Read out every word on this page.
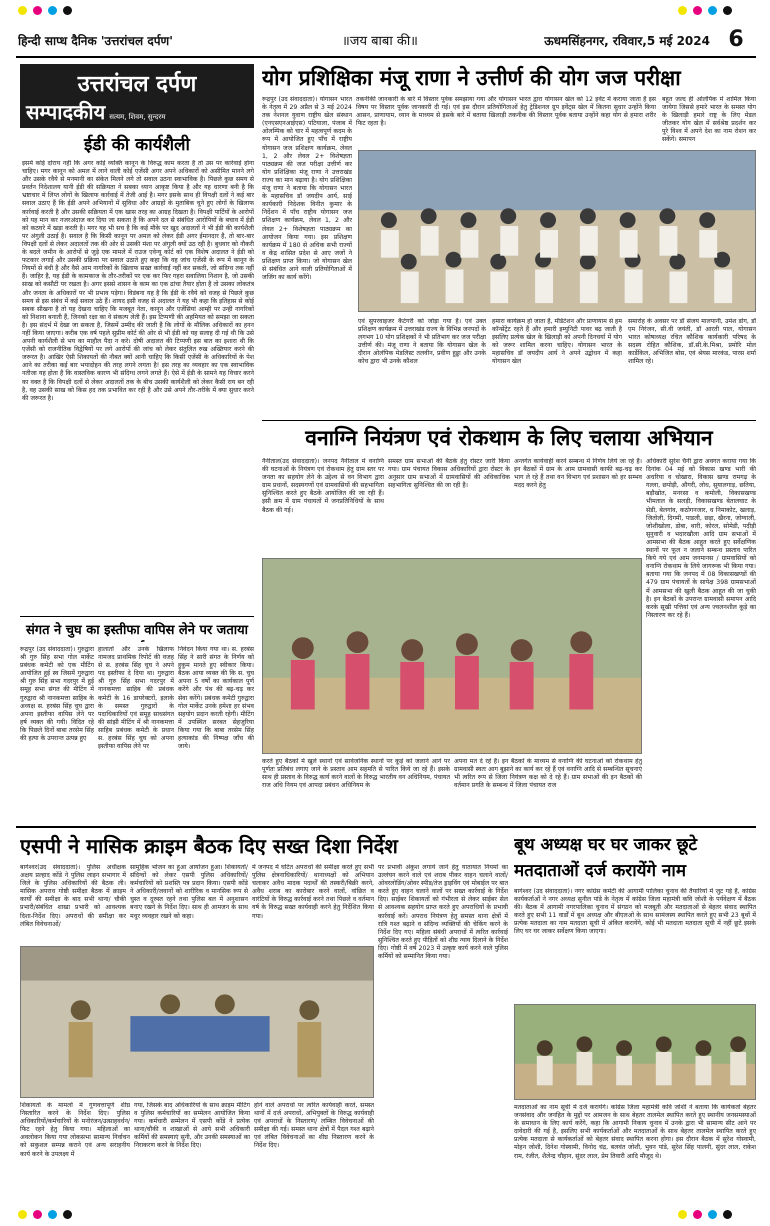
हिन्दी साप्ध दैनिक 'उत्तरांचल दर्पण'	॥जय बाबा की॥	ऊधमसिंहनगर, रविवार,5 मई 2024 6
उत्तरांचल दर्पण
सम्पादकीय सत्यम, शिवम, सुन्दरम
ईडी की कार्यशैली
इसमें कोई दोराय नहीं कि अगर कोई व्यक्ति कानून के विरुद्ध काम करता है तो उस पर कार्रवाई होना चाहिए। मगर कानून को अमल में लाने वाली कोई एजेंसी अगर अपने अधिकारों को असीमित मानने लगे और उसके रवैये से मनमानी का संकेत मिलने लगे तो सवाल उठना स्वाभाविक है। पिछले कुछ समय से प्रवर्तन निदेशालय यानी ईडी की सक्रियता ने सबका ध्यान आकृष्ट किया है और यह धारणा बनी है कि भ्रष्टाचार में लिप्त लोगों के खिलाफ कार्रवाई में तेजी आई है। मगर इसके साथ ही विपक्षी दलों ने कई बार सवाल उठाए हैं कि ईडी अपने अभियानों में सुविधा और आग्रहों के मुताबिक चुने हुए लोगों के खिलाफ कार्रवाई करती है और उसकी सक्रियता में एक खास तरह का आग्रह दिखता है। विपक्षी पार्टियों के आरोपों को यह मान कर नजरअंदाज कर दिया जा सकता है कि अपने दल से संबंधित आरोपियों के बचाव में ईडी को कठघरे में खड़ा करती है। मगर यह भी सच है कि कई मौके पर खुद अदालतों ने भी ईडी की कार्यशैली पर अंगुली उठाई है। सवाल है कि किसी कानून पर अमल को लेकर ईडी अगर ईमानदार है, तो बार-बार विपक्षी दलों से लेकर अदालतों तक की ओर से उसकी मंशा पर अंगुली क्यों उठ रही है। बुधवार को नौकरी के बदले जमीन के आरोपों से जुड़े एक मामले में राउज एवेन्यू कोर्ट को एक विशेष अदालत ने ईडी को फटकार लगाई और उसकी प्रक्रिया पर सवाल उठाते हुए कहा कि वह जांच एजेंसी के रूप में कानून के नियमों से बंधी है और वैसे आम नागरिकों के खिलाफ सख्त कार्रवाई नहीं कर सकती, जो संदिग्ध तक नहीं हैं। जाहिर है, यह ईडी के कामकाज के तौर-तरीकों पर एक कर फिर गहरा सवालिया निशान है, जो उसकी साख को कसौटी पर रखता है। अगर इससे शासन के काम का एक ढांचा तैयार होता है तो उसका लोकतंत्र और जनता के अधिकारों पर भी प्रभाव पड़ेगा। विडंबना यह है कि ईडी के रवैये को वजह से पिछले कुछ समय से इस संबंध में कई सवाल उठे हैं। शायद इसी वजह से अदालत ने यह भी कहा कि इतिहास से कोई सबक सीखना है तो यह देखना चाहिए कि मजबूत नेता, कानून और एजेंसियां आम्ही पर उन्ही नागरिकों को निशाना बनाती हैं, जिनको रक्षा का वे संकल्प लेती हैं। इस टिप्पणी की अहमियत को समझा जा सकता है। इस संदर्भ में देखा जा सकता है, जिसमें उम्मीद की जाती है कि लोगों के मौलिक अधिकारों का हनन नहीं किया जाएगा। करीब एक वर्ष पहले सुप्रीम कोर्ट की ओर से भी ईडी को यह सलाह दी गई थी कि उसे अपनी कार्यशैली से भय का माहौल पैदा न करे। दोषी अदालत की टिप्पणी इस बात का इशारा थी कि एजेंसी को राजनीतिक विद्वेषियों पर लगे आरोपों की जांच को लेकर संतुलित रुख अख्तियार करने की जरूरत है। आखिर ऐसी शिकायतों की नौबत क्यों आनी चाहिए कि किसी एजेंसी के अधिकारियों के पेश आने का तरीका कई बार भयादोहन की तरह लगने लगता है! इस तरह का व्यवहार का एक स्वाभाविक नतीजा यह होता है कि वास्तविक कारण भी संदिग्ध लगने लगते हैं। ऐसे में ईडी के सामने यह विचार करने का वक्त है कि विपक्षी दलों से लेकर अदालतों तक के बीच उसकी कार्यशैली को लेकर कैसी राय बन रही है, वह उसकी साख को किस हद तक प्रभावित कर रही है और उसे अपने तौर-तरीके में क्या सुधार करने की जरूरत है।
योग प्रशिक्षिका मंजू राणा ने उत्तीर्ण की योग जज परीक्षा
रूद्रपुर (उद संवाददाता)। योगासन भारत के नेतृत्व में 29 अप्रैल से 3 मई 2024 तक नेशनल युवाण राष्ट्रीय खेल संस्थान (एनएसएनआईएस) पटियाला, पंजाब में ओलम्पिक को चार में महत्वपूर्ण कदम के रूप में आयोजित हुए पाँच में राष्ट्रीय योगासन जज प्रशिक्षण कार्यक्रम, लेवल 1, 2 और लेवल 2+ विशेषज्ञता पाठ्यक्रम की जज परीक्षा उत्तीर्ण कर योग प्रशिक्षिका मंजू राणा ने उत्तराखंड राज्य का मान बढ़ाया है। योग प्रशिक्षिका मंजू राणा ने बताया कि योगासन भारत के महासचिव डॉ जयदीप आर्य, साई कार्यकारी निदेशक विनीत कुमार के निर्देशन में पाँच राष्ट्रीय योगासन जज प्रशिक्षण कार्यक्रम, लेवल 1, 2 और लेवल 2+ विशेषज्ञता पाठ्यक्रम का आयोजन किया गया। इस प्रशिक्षण कार्यक्रम में 180 से अधिक सभी राज्यों व केंद्र शासित प्रदेश से आए जजों ने प्रशिक्षण प्राप्त किया। जो योगासन खेल से संबंधित आने वाली प्रतियोगिताओं में जजिंग का कार्य करेंगे।
तकनीकी जानकारी के बारे में विस्तार पूर्वक समझाया गया और योगासन भारत द्वारा योगासन खेल को 12 इवेंट में कराया जाता है इस विषय पर विस्तार पूर्वक जानकारी दी गई। एवं इस दौरान प्रतियोगिताओं हेतु ट्रेडिशनल ग्रुप इवेंट्स खेल में कितना सुधार उन्होंने किया आसन, प्राणायाम, ध्यान के माध्यम से इसके बारे में बताया खिलाड़ी तकनीक की विस्तार पूर्वक बताया उन्होंने कहा योग से हमारा शरीर फिट रहता है।
बहुत जल्द ही ओलंपिक में शामिल किया जायेगा जिससे हमारे भारत के समस्त योग के खिलाड़ी हमारे राष्ट्र के लिए मेडल जीतकर योग खेल में सर्वश्रेष्ठ प्रदर्शन कर पूरे विश्व में अपने देश का नाम रोशन कर सकेंगे। समापन
एवं सुपरवाइजर कैटेगरी को जोड़ा गया है। एवं उक्त प्रशिक्षण कार्यक्रम में उत्तराखंड राज्य के विभिन्न जनपदों के लगभग 10 योग प्रशिक्षकों ने भी प्रतिभाग कर जज परीक्षा उत्तीर्ण की। मंजू राणा ने बताया कि योगासन खेल के दौरान ओलंपिक मेडलिस्ट तलवीन, प्रवीण हुड्डा और उनके कोच द्वारा भी उनके कौशल
हमारा कार्यक्रम हो जाता है, मेडिटेशन और प्राणायाम से हम कॉन्सेंट्रेट रहते हैं और हमारी इम्युनिटी पावर बढ़ जाती है इसलिए प्रत्येक खेल के खिलाड़ी को अपनी दिनचर्या में योग को जरूर शामिल करना चाहिए। योगासन भारत के महासचिव डॉ जयदीप आर्य ने अपने उद्बोधन में कहा योगासन खेल
समारोह के अवसर पर डॉ संजय मालपानी, उमेश डोंग, डॉ एम निरंजन, सी.वी जयंती, डॉ आरती पाल, योगासन भारत कोषाध्यक्ष रचित कौशिक कार्यकारी परिषद के सदस्य रोहित कौशिक, डॉ.सी.के.मिश्रा, प्रमोरि मोल कार्डेकिल, अभिजित बोस, एवं श्रेयस मारकंड, पारस शर्मा शामिल रहे।
वनाग्नि नियंत्रण एवं रोकथाम के लिए चलाया अभियान
नैनीताल(उद संवाददाता)। जनपद नैनीताल में वनाग्नि की घटनाओं के नियंत्रण एवं रोकथाम हेतु ग्राम स्तर पर जनता का सहयोग लेने के उद्देश्य से वन विभाग द्वारा ग्राम प्रधानों, सदस्यगणों एवं ग्रामवासियों की सहभागिता सुनिश्चित करते हुए बैठकें आयोजित की जा रही हैं। इसी क्रम में ग्राम पंचायतों में जनप्रतिनिधियों के साथ बैठक की गई।
समस्त ग्राम सभाओं की बैठकें हेतु रोस्टर जारी किया गया। ग्राम पंचायत विकास अधिकारियों द्वारा रोस्टर के अनुसार ग्राम सभाओं में ग्रामवासियों की अधिकाधिक सहभागिता सुनिश्चित की जा रही है।
अन्तर्गत कार्यवाही करने सम्बन्ध में निर्णय लिये जा रहे हैं। इन बैठकों में ग्राम के आम ग्रामवासी काफी बढ़-चढ़ कर भाग ले रहे हैं तथा वन विभाग एवं प्रशासन को हर सम्भव मदद करने हेतु
अधिकारी सुरेश चैनी द्वारा अवगत कराया गया कि दिनांक 04 मई को विकास खण्ड भारी की अधरिया व चोखारा, विकास खण्ड रामगढ़ के गल्ला, छपोड़ी, औगरी, लोध, सुयालगाड़, छतिया, बड़ौखोत, मनरसा व कमोली, विकासखण्ड भीमताल के सलड़ी, विकासखण्ड बेतालघाट के सेडी, बेलगांव, कठोगनजार, ध निमाकोट, खलाड़, जितोली, दिगमी, पाडली, छड़ा, खैरना, जोग्याली, जोशीखोला, डोबा, थारी, कोरल, सोमेडी, पदीड़ी सुनुवारी व भदारखौला आदि ग्राम सभाओं में आमसभा की बैठक आहूत करते हुए सर्वेक्षणिक स्थानों पर फूल न जलाने सम्बन्ध प्रस्ताव पारित किये गये एवं आम जनमानस / ग्रामवासियों को वनाग्नि रोकथाम के लिये जागरूक भी किया गया। बताया गया कि जनपद में 08 विकासखण्डों की 479 ग्राम पंचायतों के सापेक्ष 398 ग्रामसभाओं में आमसभा की खुली बैठक आहूत की जा चुकी है। इन बैठकों के उपरान्त ग्रामवासी समापन आदि करके सूखी पत्तियां एवं अन्य ज्वलनशील कूड़े का निस्तारण कर रहे हैं।
करते हुए बैठकों में खुले स्थानों एवं सार्वजनिक स्थानों पर कूड़े को जलाने आने पर पूर्णतः प्रतिबंध लगाए जाने के प्रस्ताव आम सहमति से पारित किये जा रहे हैं। इसके साथ ही प्रस्ताव के विरुद्ध कार्य करने वालों के विरुद्ध भारतीय वन अधिनियम, पंचायत राज अधि नियम एवं आपदा प्रबंधन अधिनियम के
अपना मत दे रहे हैं। इन बैठकों के माध्यम से वनाग्नि की घटनाओं को रोकथाम हेतु ग्रामवासी स्वतः आग बुझाने का कार्य कर रहे हैं एवं वनाग्नि आदि से सम्बन्धित सूचनाएं भी त्वरित रूप से जिला नियंत्रण कक्ष को दे रहे हैं। ग्राम सभाओं की इन बैठकों की वर्तमान प्रगति के सम्बन्ध में जिला पंचायत राज
संगत ने चुघ का इस्तीफा वापिस लेने पर जताया
रूद्रपुर (उद संवाददाता)। गुरुद्वारा श्री गुरु सिंह सभा गोल मार्केट प्रबंधक कमेटी को एक मीटिंग आयोजित हुई स्व जिसमें गुरुद्वारा श्री गुरु सिंह सभा गदरपुर में हुई समूह सभा संगत की मीटिंग में गुरुद्वारा श्री नानकमत्ता साहिब के अध्यक्ष स. हरबंस सिंह चुघ द्वारा अपना इस्तीफा वापिस लेने पर हर्ष व्यक्त की गयी। विदित रहे कि पिछले दिनों बाबा तरसेम सिंह की हत्या के उपरान्त उत्पन्न हुए
हालातों और उनके खिलाफ नामजद प्राथमिक रिपोर्ट की वजह से स. हरबंस सिंह चुघ ने अपने पद इस्तीफा दे दिया था। गुरुद्वारा श्री गुरु सिंह सभा गदरपुर में नानकमत्ता साहिब की प्रबंधक कमेटी के 16 डायरेक्टरों, इलाके के समस्त गुरुद्वारों के पदाधिकारियों एवं समूह साधसंगत की सांझी मीटिंग में श्री नानकमत्ता साहिब प्रबंधक कमेटी के प्रधान स. हरबंस सिंह चुघ को अपना इस्तीफा वापिस लेने पर
निवेदन किया गया था। स. हरबंस सिंह ने सारी संगत के निर्णय को हुकुम मानते हुए स्वीकार किया। बैठक आया व्यक्त की कि स. चुघ अपना 5 वर्षों का कार्यकाल पूर्ण करेंगे और पंथ की बढ़-चढ़ कर सेवा करेंगे। प्रबंधक कमेटी गुरुद्वारा गोल मार्केट उनके हमेशा हर संभव सहयोग प्रदान करती रहेगी। मीटिंग में उपस्थित सरबत सेहजुरिया किया गया कि बाबा तरसेम सिंह हत्याकांड की निष्पक्ष जाँच की जाये।
एसपी ने मासिक क्राइम बैठक दिए सख्त दिशा निर्देश
बागेश्वर(उद संवाददाता)। पुलिस अधीक्षक अक्षय प्रल्हाद कोंडे ने पुलिस लाइन सभागार में जिले के पुलिस अधिकारियों की बैठक ली। मासिक अपराध गोष्ठी समीक्षा बैठक में क्राइम कार्यों की समीक्षा के बाद सभी थाना/ चौकी प्रभारी/सं‍बंधित शाखा प्रभारी को आवश्यक दिशा-निर्देश दिए। अपराधों की समीक्षा कर लंबित विवेचनाओं/
सामूहिक भोजन का हुआ आयोजन हुआ। शिकायतों/संदिग्धों को लेकर एसपी पुलिस अधिकारियों/कर्मचारियों को प्रशस्ति पत्र प्रदान किया। एसपी कोंडे ने अधिकारी/जवानों को शारीरिक व मानसिक रूप से चुस्त व दुरुस्त रहने तथा पुलिस बल में अनुशासन बनाए रखने के निर्देश दिए। साथ ही आमजन के साथ मधुर व्यवहार रखने को कहा।
में जनपद में घटित अपराधों की समीक्षा करते हुए सभी पुलिस क्षेत्रनाधिकारियों/ थानाध्यक्षों को अभियान चलाकर अवैध मादक पदार्थों की तस्करी/बिक्री करने, अवैध शराब का कारोबार करने वालों, वांछित व वारंटियों के विरुद्ध कार्रवाई करने तथा पिछले व वर्तमान वर्ष के विरुद्ध सख्त कार्यवाही करने हेतु निर्देशित किया गया।
पर प्रभावी अंकुश लगाये जाने हेतु यातायात नियमों का उल्लंघन करने वाले एवं शराब पीकर वाहन चलाने वालों/ ओवरलोडिंग/ओवर स्पीड/तेज ड्राइविंग एवं मोबाईल पर बात करते हुए वाहन चलाने वालों पर सख्त कार्रवाई के निर्देश दिए। साईबर शिकायतों को गंभीरता से लेकर साईबर सेल से आवश्यक सहयोग प्राप्त करते हुए अपराधियों के प्रभावी कार्रवाई करें। अपराध नियंत्रण हेतु समस्त थाना क्षेत्रों में रात्रि गश्त बढ़ाने व संदिग्ध व्यक्तियों की चेकिंग करने के निर्देश दिए गए। महिला संबंधी अपराधों में त्वरित कार्रवाई सुनिश्चित करते हुए पीड़ितों को शीघ्र न्याय दिलाने के निर्देश दिए। गोष्ठी में वर्ष 2023 में उत्कृष्ट कार्य करने वाले पुलिस कर्मियों को सम्मानित किया गया।
शिकायतों के मामलों में गुणवत्तापूर्ण शीघ्र निस्तारित करने के निर्देश दिए। पुलिस अधिकारियों/कर्मचारियों के मनोरंजन/उत्साहवर्धन/फिट रहने हेतु किया गया। महिलाओं का अवलोकन किया गया लोकसभा सामान्य निर्वाचन को सकुशल सम्पन्न कराने एवं अन्य सराहनीय कार्य करने के उपलक्ष्य में
गया, जिसके बाद अधिकारियों के साथ क्राइम मीटिंग व पुलिस कर्मचारियों का सम्मेलन आयोजित किया गया। कर्मचारी सम्मेलन में एसपी कोंडे ने प्रत्येक थाना/चौकी व शाखाओं से आये सभी अधिकारी कर्मियों की समस्याएं सुनी, और उनकी समस्याओं का निराकरण करने के निर्देश दिए।
होने वाले अपराधों पर त्वरित कार्यवाही करते, समस्त थानों में दर्ज अपराधों, अभियुक्तों के विरुद्ध कार्यवाही एवं अपराधों के निस्तारण/ लम्बित विवेचनाओं की समीक्षा की गई। समस्त थाना क्षेत्रों में पैदल गश्त बढ़ाने एवं लंबित विवेचनाओं का शीघ्र निस्तारण करने के निर्देश दिए।
बूथ अध्यक्ष घर घर जाकर छूटे मतदाताओं दर्ज करायेंगे नाम
बागेश्वर (उद संवाददाता)। नगर कांग्रेस कमेटी की आगामी पालिका चुनाव की तैयारियों में जुट गई हैं, कांग्रेस कार्यकर्ताओं ने नगर अध्यक्ष सुनील पांडे के नेतृत्व में कांग्रेस जिला महामंत्री कवि जोशी के पर्यवेक्षण में बैठक की। बैठक में आगामी नगरपालिका चुनाव में संगठन को मजबूती और मतदाताओं से बेहतर संवाद स्थापित करते हुए सभी 11 वार्डों में बूथ अध्यक्ष और बीएलओ के साथ सामंजस्य स्थापित करते हुए सभी 23 बूथों में प्रत्येक मतदाता का नाम मतदाता सूची में अंकित करायेंगे, कोई भी मतदाता मतदाता सूची में नहीं छूटे इसके लिए घर घर जाकर सर्वेक्षण किया जाएगा।
मतदाताओं का नाम सूची में दर्ज करायेंगे। कांग्रेस जिला महामंत्री कवि जोशी ने बताया कि कार्यकर्ता बेहतर जनसंवाद और जनहित के मुद्दों पर आमजन के साथ बेहतर तालमेल स्थापित करते हुए स्थानीय जनसमस्याओं के समाधान के लिए कार्य करेंगे, कहा कि आगामी निकाय चुनाव में उनके द्वारा भी सामान्य सीट आने पर दावेदारी की गई है, इसलिए सभी कार्यकर्ताओं और मतदाताओं के साथ बेहतर तालमेल स्थापित करते हुए प्रत्येक मतदाता से कार्यकर्ताओं को बेहतर संवाद स्थापित करना होगा। इस दौरान बैठक में सुरेश गोस्वामी, मोहन जोशी, दिनेश गोस्वामी, विनोद चंद्र, बलवंत जोशी, भुवन पांडे, सुरेश सिंह पालनी, सुंदर लाल, राकेश राम, रंजीत, शैलेन्द्र चौहान, सुंदर लाल, प्रेम तिवारी आदि मौजूद थे।
